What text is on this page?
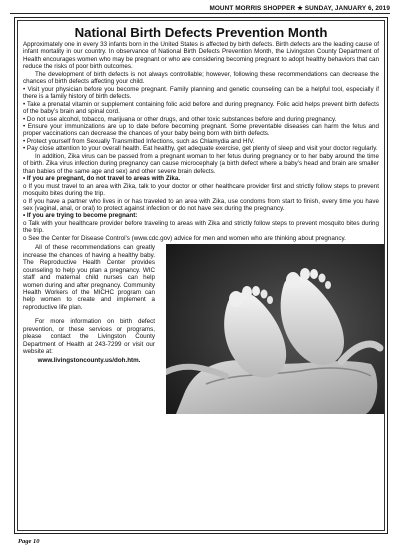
MOUNT MORRIS SHOPPER ★ SUNDAY, JANUARY 6, 2019
National Birth Defects Prevention Month

Approximately one in every 33 infants born in the United States is affected by birth defects. Birth defects are the leading cause of infant mortality in our country. In observance of National Birth Defects Prevention Month, the Livingston County Department of Health encourages women who may be pregnant or who are considering becoming pregnant to adopt healthy behaviors that can reduce the risks of poor birth outcomes.

The development of birth defects is not always controllable; however, following these recommendations can decrease the chances of birth defects affecting your child.

• Visit your physician before you become pregnant. Family planning and genetic counseling can be a helpful tool, especially if there is a family history of birth defects.

• Take a prenatal vitamin or supplement containing folic acid before and during pregnancy. Folic acid helps prevent birth defects of the baby’s brain and spinal cord.

• Do not use alcohol, tobacco, marijuana or other drugs, and other toxic substances before and during pregnancy.

• Ensure your immunizations are up to date before becoming pregnant. Some preventable diseases can harm the fetus and proper vaccinations can decrease the chances of your baby being born with birth defects.

• Protect yourself from Sexually Transmitted Infections, such as Chlamydia and HIV.

• Pay close attention to your overall health. Eat healthy, get adequate exercise, get plenty of sleep and visit your doctor regularly.

In addition, Zika virus can be passed from a pregnant woman to her fetus during pregnancy or to her baby around the time of birth. Zika virus infection during pregnancy can cause microcephaly (a birth defect where a baby’s head and brain are smaller than babies of the same age and sex) and other severe brain defects.

• If you are pregnant, do not travel to areas with Zika.

o If you must travel to an area with Zika, talk to your doctor or other healthcare provider first and strictly follow steps to prevent mosquito bites during the trip.

o If you have a partner who lives in or has traveled to an area with Zika, use condoms from start to finish, every time you have sex (vaginal, anal, or oral) to protect against infection or do not have sex during the pregnancy.

• If you are trying to become pregnant:

o Talk with your healthcare provider before traveling to areas with Zika and strictly follow steps to prevent mosquito bites during the trip.

o See the Center for Disease Control’s (www.cdc.gov) advice for men and women who are thinking about pregnancy.

All of these recommendations can greatly increase the chances of having a healthy baby. The Reproductive Health Center provides counseling to help you plan a pregnancy. WIC staff and maternal child nurses can help women during and after pregnancy. Community Health Workers of the MICHC program can help women to create and implement a reproductive life plan.

For more information on birth defect prevention, or these services or programs, please contact the Livingston County Department of Health at 243-7299 or visit our website at:

www.livingstoncounty.us/doh.htm.

Page 10
